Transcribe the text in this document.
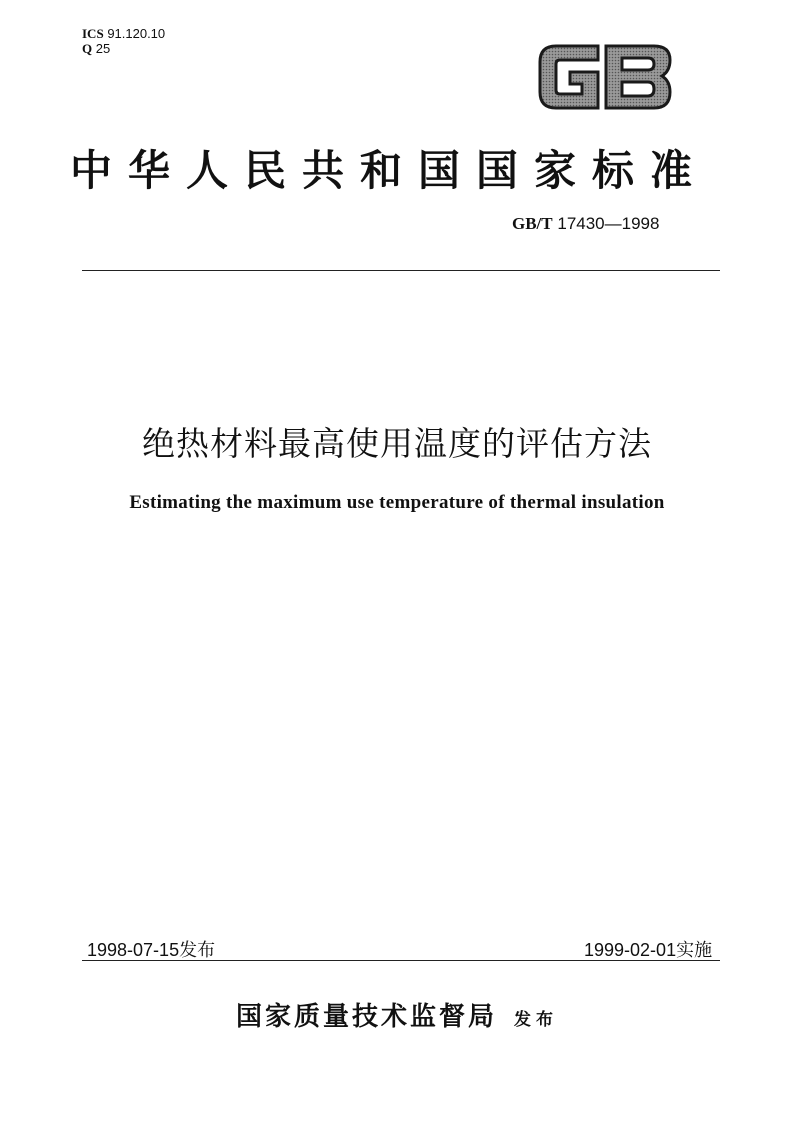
ICS 91.120.10
Q 25
中华人民共和国国家标准
GB/T 17430—1998
绝热材料最高使用温度的评估方法
Estimating the maximum use temperature of thermal insulation
1998-07-15发布	1999-02-01实施
国家质量技术监督局 发布
